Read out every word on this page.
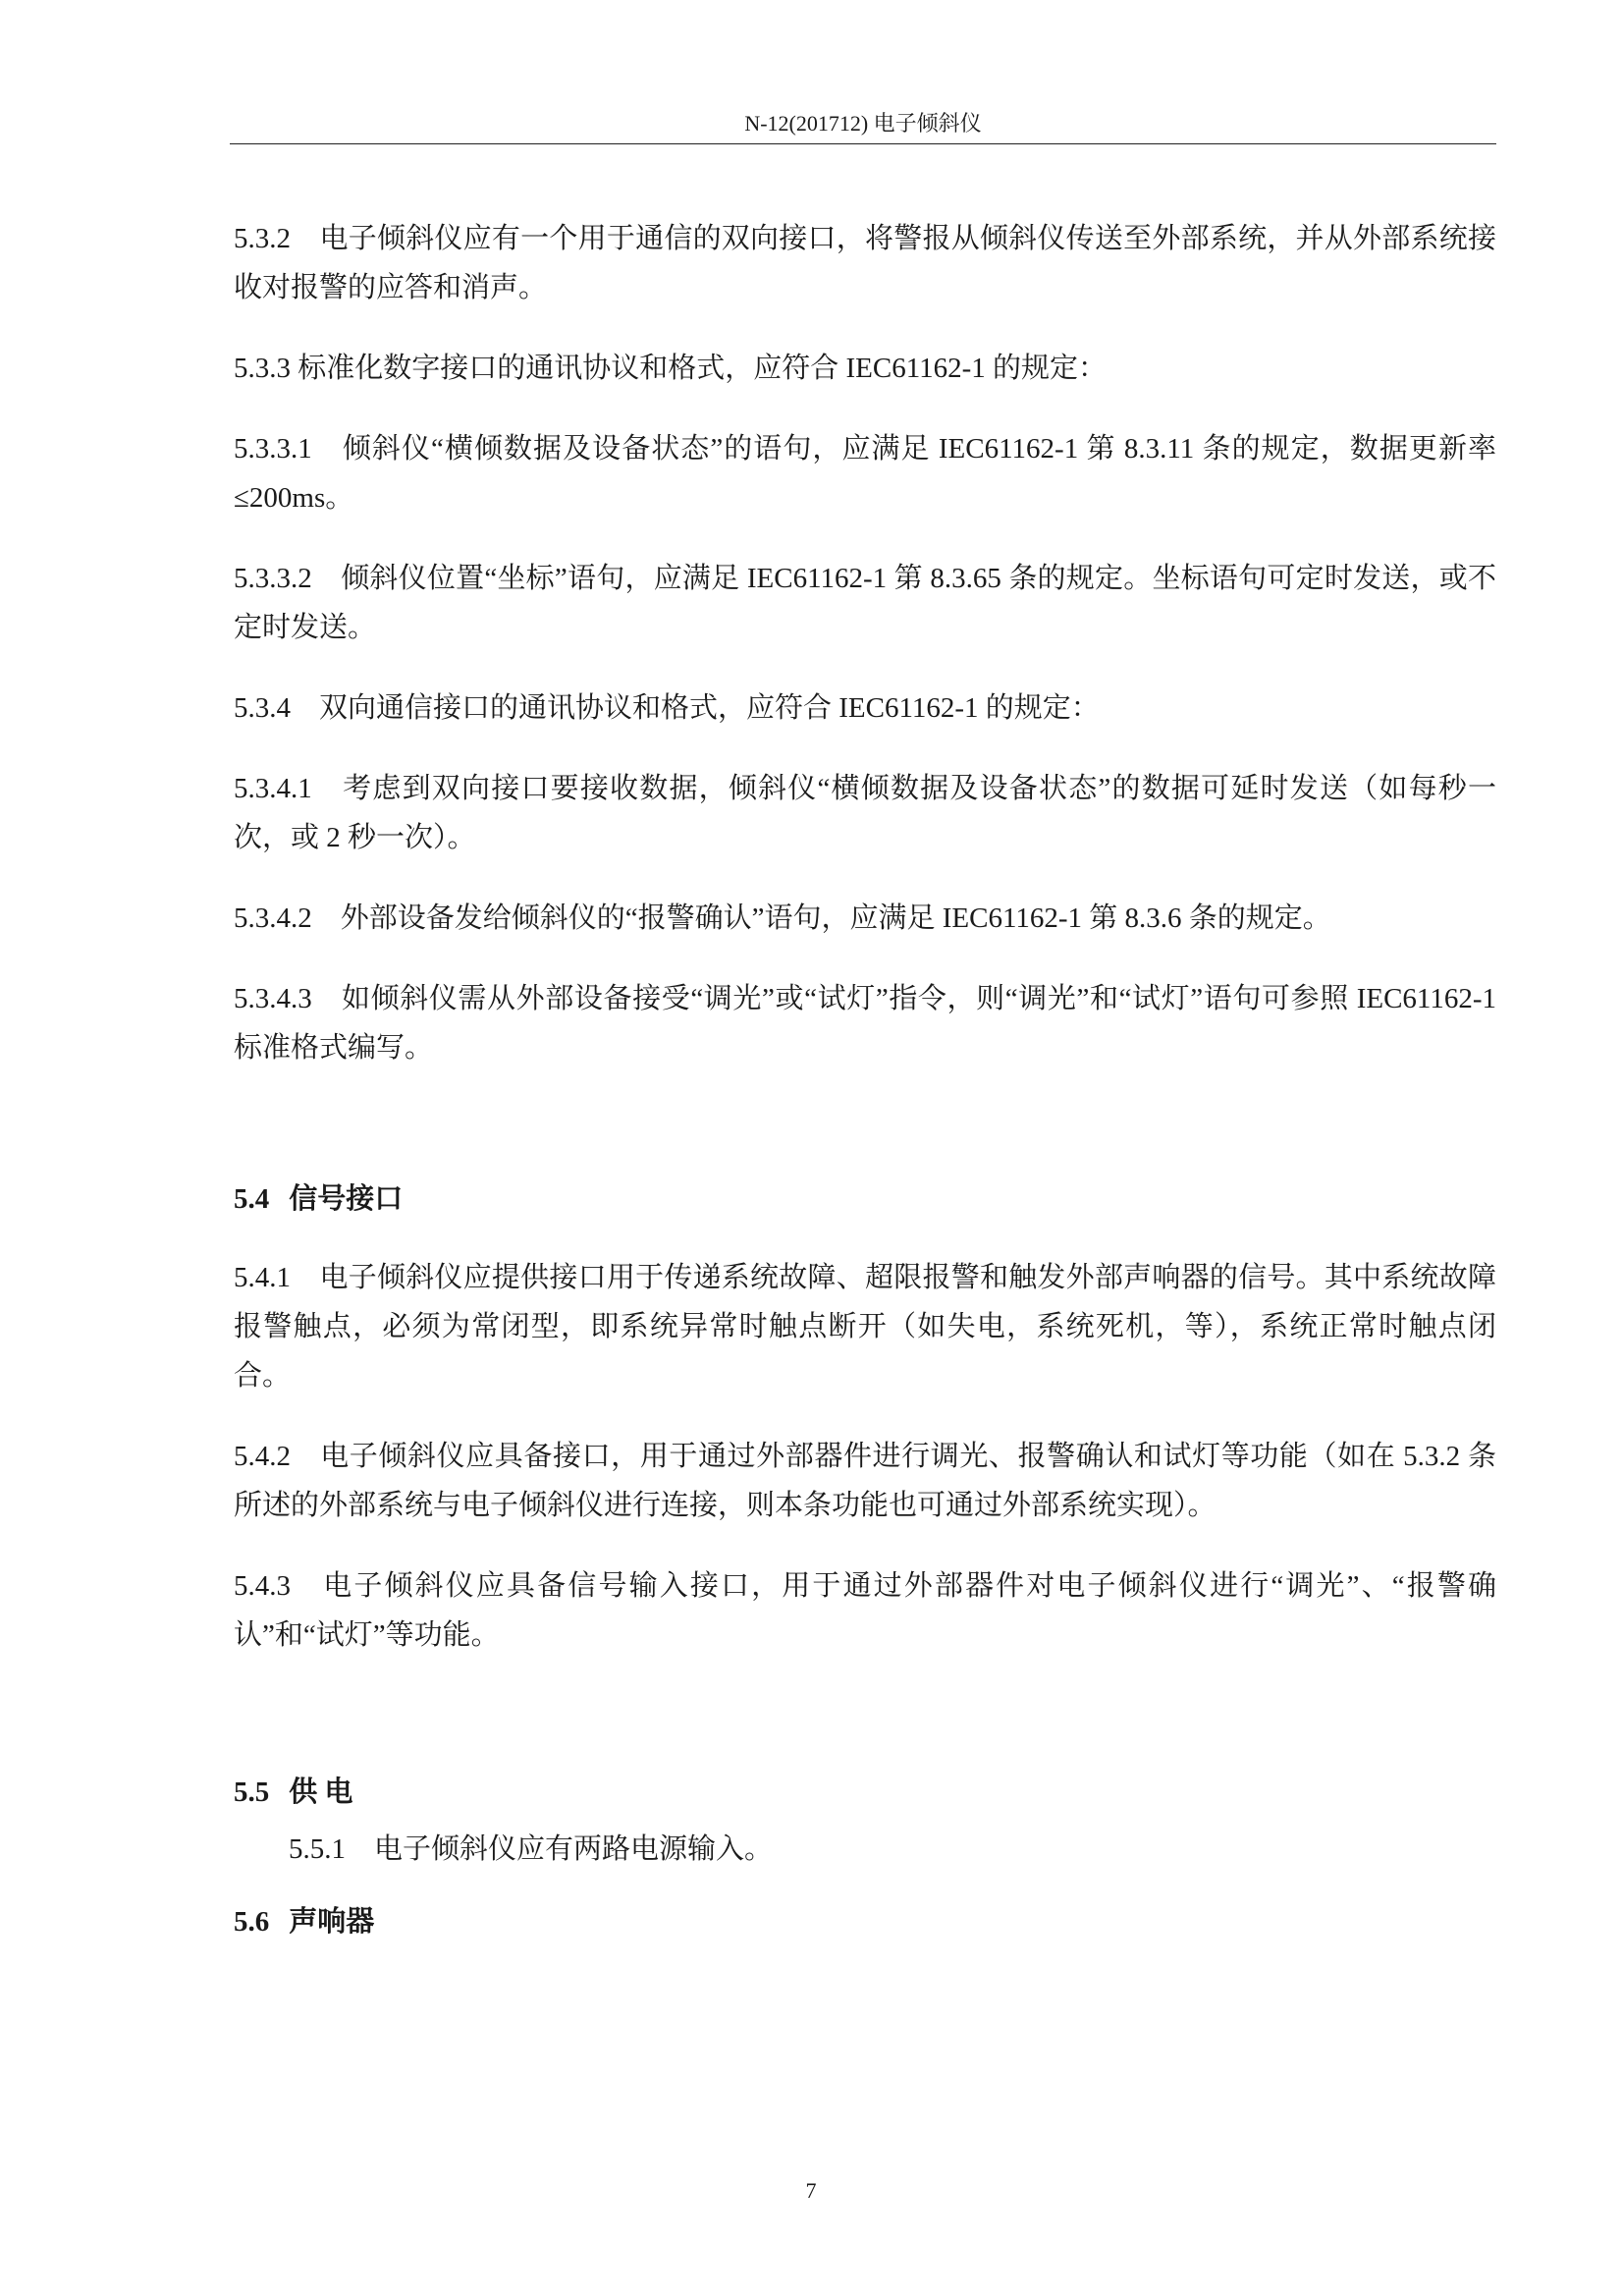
N-12(201712) 电子倾斜仪

5.3.2　电子倾斜仪应有一个用于通信的双向接口，将警报从倾斜仪传送至外部系统，并从外部系统接收对报警的应答和消声。

5.3.3 标准化数字接口的通讯协议和格式，应符合 IEC61162-1 的规定：

5.3.3.1　倾斜仪“横倾数据及设备状态”的语句，应满足 IEC61162-1 第 8.3.11 条的规定，数据更新率≤200ms。

5.3.3.2　倾斜仪位置“坐标”语句，应满足 IEC61162-1 第 8.3.65 条的规定。坐标语句可定时发送，或不定时发送。

5.3.4　双向通信接口的通讯协议和格式，应符合 IEC61162-1 的规定：

5.3.4.1　考虑到双向接口要接收数据，倾斜仪“横倾数据及设备状态”的数据可延时发送（如每秒一次，或 2 秒一次）。

5.3.4.2　外部设备发给倾斜仪的“报警确认”语句，应满足 IEC61162-1 第 8.3.6 条的规定。

5.3.4.3　如倾斜仪需从外部设备接受“调光”或“试灯”指令，则“调光”和“试灯”语句可参照 IEC61162-1 标准格式编写。

5.4 信号接口

5.4.1　电子倾斜仪应提供接口用于传递系统故障、超限报警和触发外部声响器的信号。其中系统故障报警触点，必须为常闭型，即系统异常时触点断开（如失电，系统死机，等），系统正常时触点闭合。

5.4.2　电子倾斜仪应具备接口，用于通过外部器件进行调光、报警确认和试灯等功能（如在 5.3.2 条所述的外部系统与电子倾斜仪进行连接，则本条功能也可通过外部系统实现）。

5.4.3　电子倾斜仪应具备信号输入接口，用于通过外部器件对电子倾斜仪进行“调光”、“报警确认”和“试灯”等功能。

5.5 供 电

5.5.1　电子倾斜仪应有两路电源输入。

5.6 声响器

7
